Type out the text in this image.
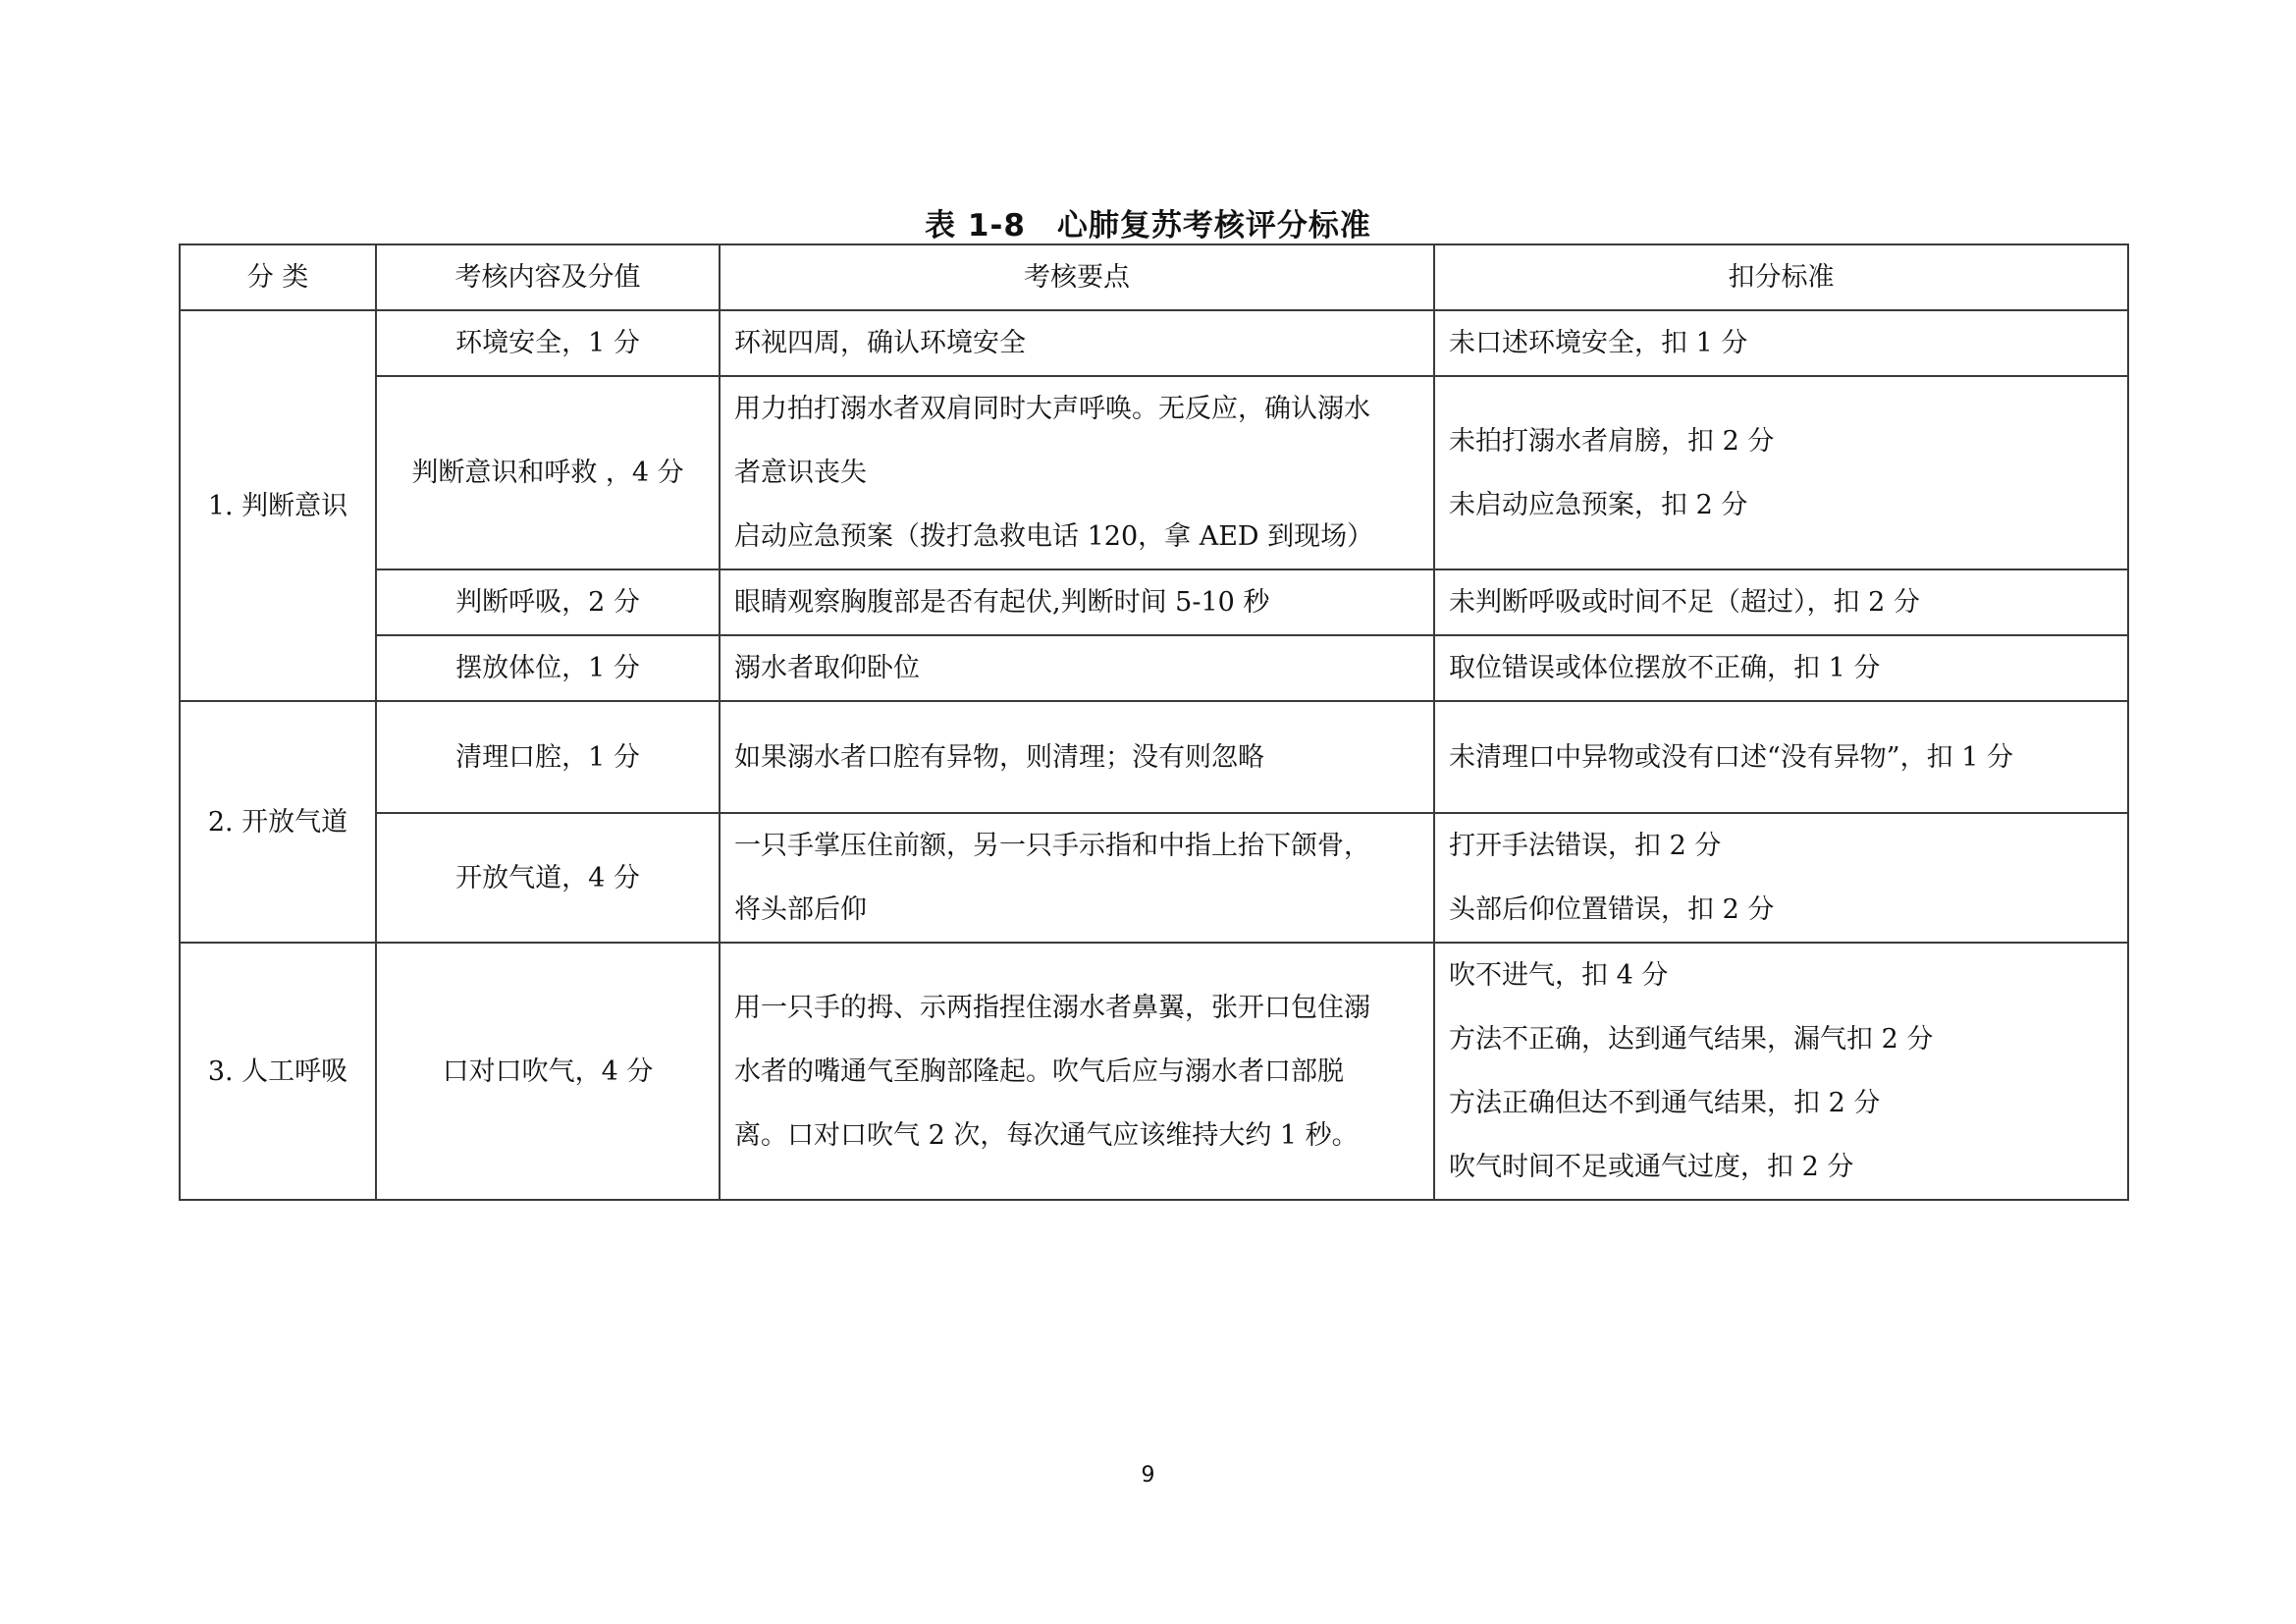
表 1-8　心肺复苏考核评分标准
分 类	考核内容及分值	考核要点	扣分标准
1. 判断意识	环境安全，1 分	环视四周，确认环境安全	未口述环境安全，扣 1 分

	判断意识和呼救 ，4 分	用力拍打溺水者双肩同时大声呼唤。无反应，确认溺水
者意识丧失
启动应急预案（拨打急救电话 120，拿 AED 到现场）	未拍打溺水者肩膀，扣 2 分
未启动应急预案，扣 2 分

	判断呼吸，2 分	眼睛观察胸腹部是否有起伏,判断时间 5-10 秒	未判断呼吸或时间不足（超过），扣 2 分

	摆放体位，1 分	溺水者取仰卧位	取位错误或体位摆放不正确，扣 1 分

2. 开放气道	清理口腔，1 分	如果溺水者口腔有异物，则清理；没有则忽略	未清理口中异物或没有口述“没有异物”，扣 1 分

	开放气道，4 分	一只手掌压住前额，另一只手示指和中指上抬下颌骨，
将头部后仰	打开手法错误，扣 2 分
头部后仰位置错误，扣 2 分

3. 人工呼吸	口对口吹气，4 分	用一只手的拇、示两指捏住溺水者鼻翼，张开口包住溺
水者的嘴通气至胸部隆起。吹气后应与溺水者口部脱
离。口对口吹气 2 次，每次通气应该维持大约 1 秒。	吹不进气，扣 4 分
方法不正确，达到通气结果，漏气扣 2 分
方法正确但达不到通气结果，扣 2 分
吹气时间不足或通气过度，扣 2 分
9
